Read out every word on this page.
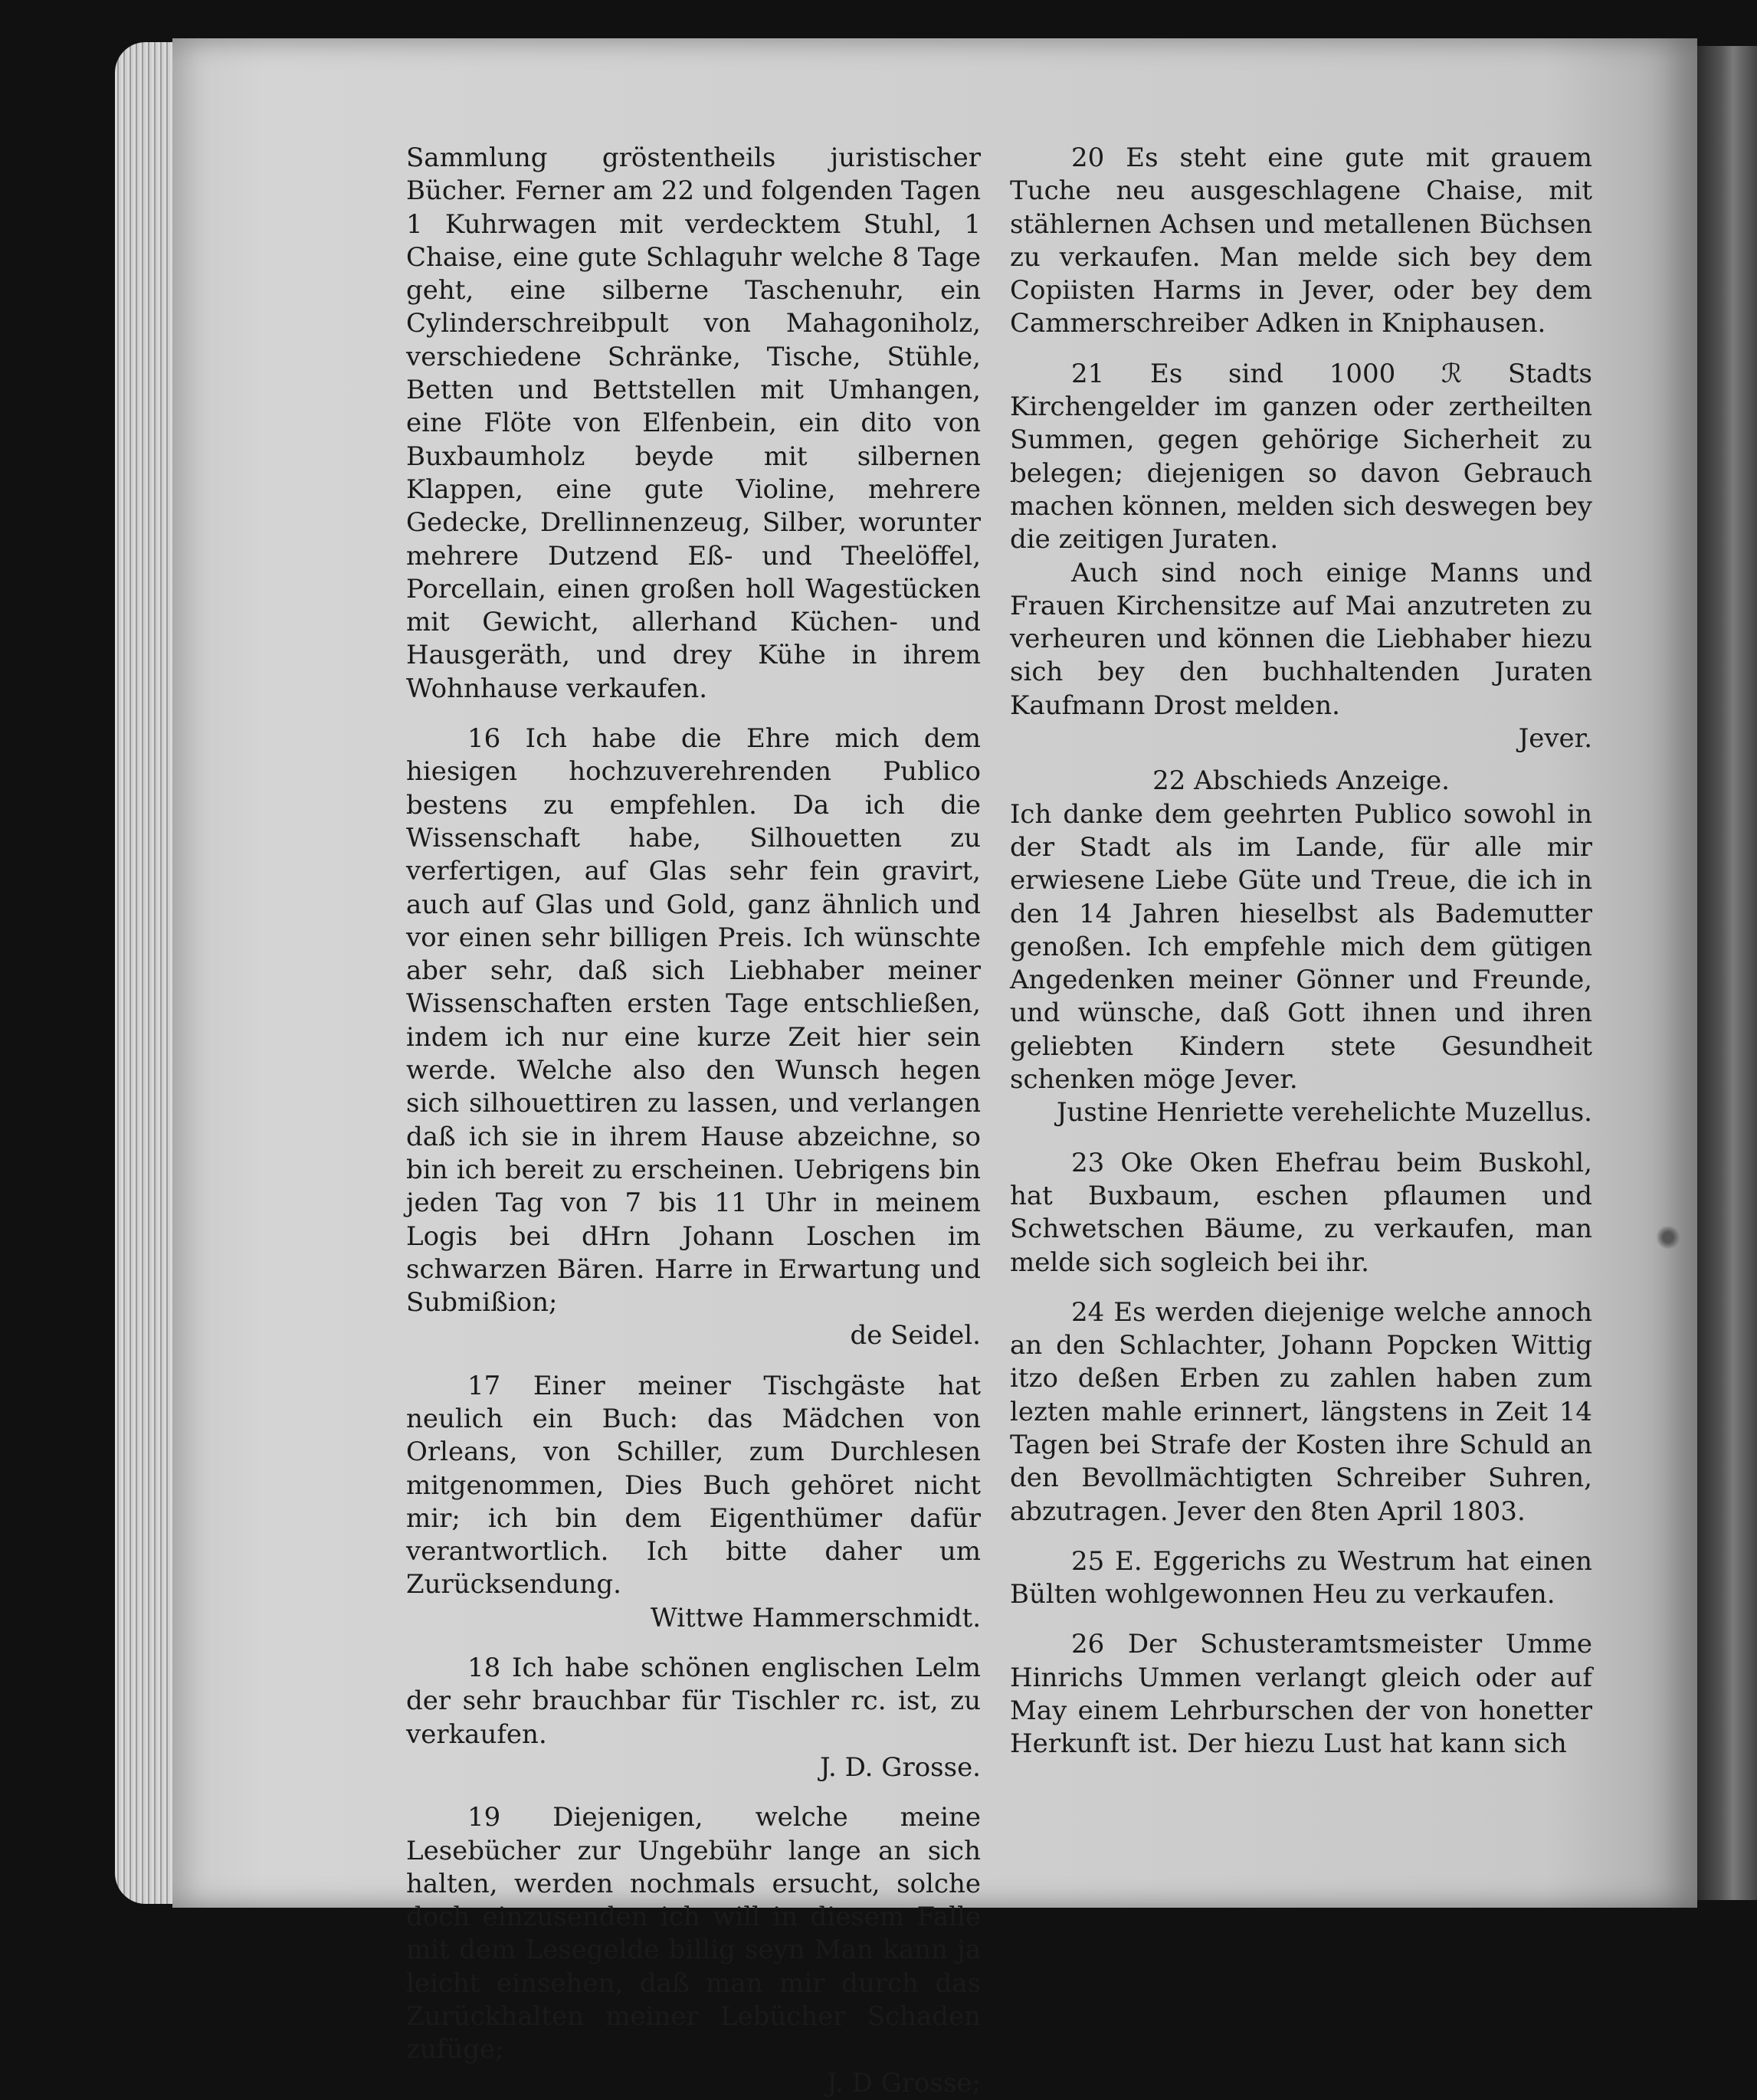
Sammlung gröstentheils juristischer Bücher. Ferner am 22 und folgenden Tagen 1 Kuhrwagen mit verdecktem Stuhl, 1 Chaise, eine gute Schlaguhr welche 8 Tage geht, eine silberne Taschenuhr, ein Cylinderschreibpult von Mahagoniholz, verschiedene Schränke, Tische, Stühle, Betten und Bettstellen mit Umhangen, eine Flöte von Elfenbein, ein dito von Buxbaumholz beyde mit silbernen Klappen, eine gute Violine, mehrere Gedecke, Drellinnenzeug, Silber, worunter mehrere Dutzend Eß- und Theelöffel, Porcellain, einen großen holl Wagestücken mit Gewicht, allerhand Küchen- und Hausgeräth, und drey Kühe in ihrem Wohnhause verkaufen.

16 Ich habe die Ehre mich dem hiesigen hochzuverehrenden Publico bestens zu empfehlen. Da ich die Wissenschaft habe, Silhouetten zu verfertigen, auf Glas sehr fein gravirt, auch auf Glas und Gold, ganz ähnlich und vor einen sehr billigen Preis. Ich wünschte aber sehr, daß sich Liebhaber meiner Wissenschaften ersten Tage entschließen, indem ich nur eine kurze Zeit hier sein werde. Welche also den Wunsch hegen sich silhouettiren zu lassen, und verlangen daß ich sie in ihrem Hause abzeichne, so bin ich bereit zu erscheinen. Uebrigens bin jeden Tag von 7 bis 11 Uhr in meinem Logis bei dHrn Johann Loschen im schwarzen Bären. Harre in Erwartung und Submißion;

de Seidel.

17 Einer meiner Tischgäste hat neulich ein Buch: das Mädchen von Orleans, von Schiller, zum Durchlesen mitgenommen, Dies Buch gehöret nicht mir; ich bin dem Eigenthümer dafür verantwortlich. Ich bitte daher um Zurücksendung.

Wittwe Hammerschmidt.

18 Ich habe schönen englischen Lelm der sehr brauchbar für Tischler rc. ist, zu verkaufen.

J. D. Grosse.

19 Diejenigen, welche meine Lesebücher zur Ungebühr lange an sich halten, werden nochmals ersucht, solche doch einzusenden ich will in diesem Falle mit dem Lesegelde billig seyn Man kann ja leicht einsehen, daß man mir durch das Zurückhalten meiner Lebücher Schaden zufüge;

J. D Grosse;

20 Es steht eine gute mit grauem Tuche neu ausgeschlagene Chaise, mit stählernen Achsen und metallenen Büchsen zu verkaufen. Man melde sich bey dem Copiisten Harms in Jever, oder bey dem Cammerschreiber Adken in Kniphausen.

21 Es sind 1000 ℛ Stadts Kirchengelder im ganzen oder zertheilten Summen, gegen gehörige Sicherheit zu belegen; diejenigen so davon Gebrauch machen können, melden sich deswegen bey die zeitigen Juraten.

Auch sind noch einige Manns und Frauen Kirchensitze auf Mai anzutreten zu verheuren und können die Liebhaber hiezu sich bey den buchhaltenden Juraten Kaufmann Drost melden.

Jever.

22 Abschieds Anzeige.

Ich danke dem geehrten Publico sowohl in der Stadt als im Lande, für alle mir erwiesene Liebe Güte und Treue, die ich in den 14 Jahren hieselbst als Bademutter genoßen. Ich empfehle mich dem gütigen Angedenken meiner Gönner und Freunde, und wünsche, daß Gott ihnen und ihren geliebten Kindern stete Gesundheit schenken möge Jever.

Justine Henriette verehelichte Muzellus.

23 Oke Oken Ehefrau beim Buskohl, hat Buxbaum, eschen pflaumen und Schwetschen Bäume, zu verkaufen, man melde sich sogleich bei ihr.

24 Es werden diejenige welche annoch an den Schlachter, Johann Popcken Wittig itzo deßen Erben zu zahlen haben zum lezten mahle erinnert, längstens in Zeit 14 Tagen bei Strafe der Kosten ihre Schuld an den Bevollmächtigten Schreiber Suhren, abzutragen. Jever den 8ten April 1803.

25 E. Eggerichs zu Westrum hat einen Bülten wohlgewonnen Heu zu verkaufen.

26 Der Schusteramtsmeister Umme Hinrichs Ummen verlangt gleich oder auf May einem Lehrburschen der von honetter Herkunft ist. Der hiezu Lust hat kann sich
